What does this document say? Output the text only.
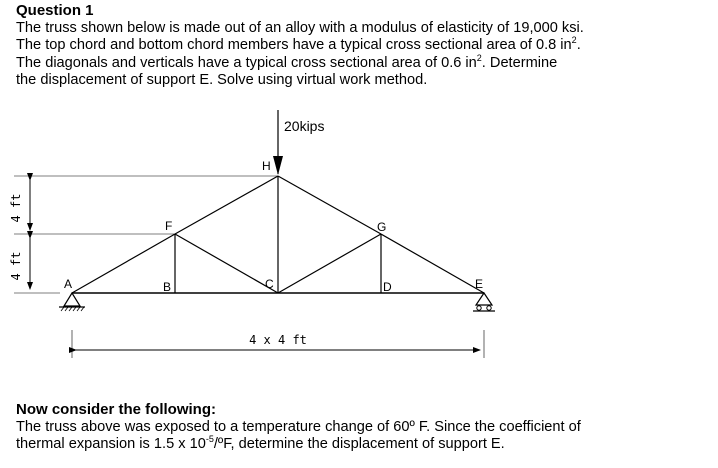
Question 1
The truss shown below is made out of an alloy with a modulus of elasticity of 19,000 ksi.
The top chord and bottom chord members have a typical cross sectional area of 0.8 $in^2$.
The diagonals and verticals have a typical cross sectional area of 0.6 $in^2$. Determine
the displacement of support E. Solve using virtual work method.
20kips
H
F	G
A	B	C	D	E
4 ft
4 ft
4 x 4 ft
Now consider the following:
The truss above was exposed to a temperature change of 60º F. Since the coefficient of
thermal expansion is 1.5 x $10^{-5}/ºF$, determine the displacement of support E.
